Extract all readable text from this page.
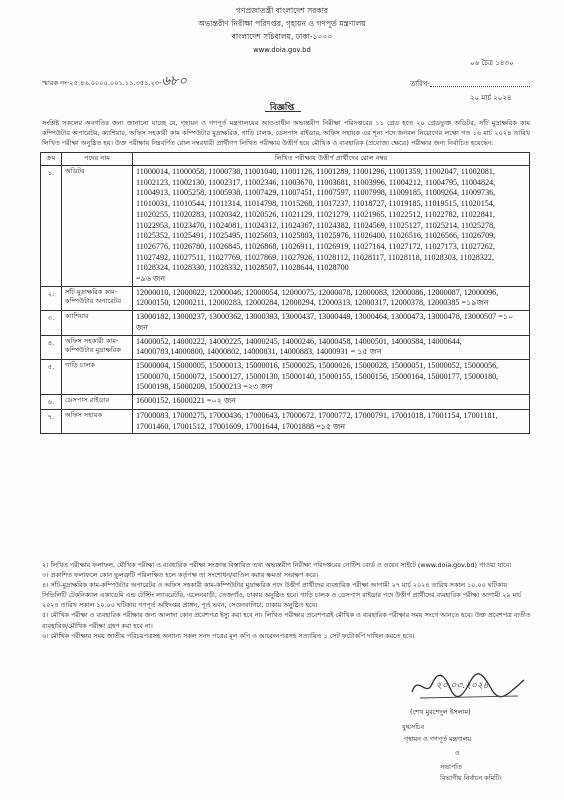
গণপ্রজাতন্ত্রী বাংলাদেশ সরকার
অভ্যন্তরীণ নিরীক্ষা পরিদপ্তর, গৃহায়ন ও গণপূর্ত মন্ত্রণালয়
বাংলাদেশ সচিবালয়, ঢাকা-১০০০
www.doia.gov.bd
০৬ চৈত্র ১৪৩০
স্মারক নং-২৫.৪৬.০০০০.০০১.১১.৩৫১.২৩-৬৮০	তারিখ-
২০ মার্চ ২০২৪
বিজ্ঞপ্তি
সংশ্লিষ্ট সকলের অবগতির জন্য জানানো যাচ্ছে যে, গৃহায়ন ও গণপূর্ত মন্ত্রণালয়ের আওতাধীন অভ্যন্তরীণ নিরীক্ষা পরিদপ্তরের ১১ গ্রেড হতে ২০ গ্রেডভুক্ত অডিটর, সাঁট মুদ্রাক্ষরিক কাম কম্পিউটার অপারেটর, ক্যাশিয়ার, অফিস সহকারী কাম কম্পিউটার মুদ্রাক্ষরিক, গাড়ি চালক, ডেসপাস রাইডার, অফিস সহায়ক এর শূন্য পদে জনবল নিয়োগের লক্ষ্যে গত ১৬ মার্চ ২০২৪ তারিখ লিখিত পরীক্ষা অনুষ্ঠিত হয়। উক্ত পরীক্ষায় নিম্নবর্ণিত রোল নম্বরধারী প্রার্থীগণ লিখিত পরীক্ষায় উত্তীর্ণ হয়ে মৌখিক ও ব্যবহারিক (প্রযোজ্য ক্ষেত্রে) পরীক্ষার জন্য নির্বাচিত হয়েছেন:
ক্রম	পদের নাম	লিখিত পরীক্ষায় উত্তীর্ণ প্রার্থীদের রোল নম্বর
১.	অডিটর	11000014, 11000058, 11000738, 11001040, 11001126, 11001289, 11001296, 11001359, 11002047, 11002081, 11002123, 11002130, 11002317, 11002346, 11003670, 11003681, 11003996, 11004212, 11004795, 11004824, 11004913, 11005258, 11005938, 11007429, 11007451, 11007597, 11007998, 11009185, 11009264, 11009736, 11010031, 11010544, 11011314, 11014798, 11015268, 11017237, 11018727, 11019185, 11019515, 11020154, 11020255, 11020283, 11020342, 11020526, 11021129, 11021279, 11021965, 11022512, 11022782, 11022841, 11022953, 11023470, 11024081, 11024312, 11024367, 11024382, 11024569, 11025127, 11025214, 11025278, 11025352, 11025491, 11025495, 11025603, 11025803, 11025976, 11026400, 11026516, 11026566, 11026709, 11026776, 11026780, 11026845, 11026868, 11026911, 11026919, 11027164, 11027172, 11027173, 11027262, 11027492, 11027511, 11027769, 11027869, 11027926, 11028112, 11028117, 11028118, 11028303, 11028322, 11028324, 11028330, 11028332, 11028507, 11028644, 11028700
=৯৬ জন
২.	সাঁট মুদ্রাক্ষরিক কাম-কম্পিউটার অপারেটর	12000010, 12000022, 12000046, 12000054, 12000075, 12000078, 12000083, 12000086, 12000087, 12000096, 12000150, 12000211, 12000283, 12000284, 12000294, 12000313, 12000317, 12000378, 12000385 =১৯জন
৩.	ক্যাশিয়ার	13000182, 13000237, 13000362, 13000393, 13000437, 13000449, 13000464, 13000473, 13000478, 13000507 =১০ জন
৪.	অফিস সহকারী কাম-কম্পিউটার মুদ্রাক্ষরিক	14000052, 14000222, 14000225, 14000245, 14000246, 14000458, 14000501, 14000584, 14000644, 14000783,14000800, 14000802, 14000831, 14000883, 14000931 = ১৫ জন
৫.	গাড়ি চালক	15000004, 15000005, 15000013, 15000016, 15000025, 15000026, 15000028, 15000051, 15000052, 15000056, 15000070, 15000072, 15000127, 15000130, 15000140, 15000155, 15000156, 15000164, 15000177, 15000180, 15000198, 15000209, 15000213 =২৩ জন
৬.	ডেসপাস রাইডার	16000152, 16000221 =০২ জন
৭.	অফিস সহায়ক	17000083, 17000275, 17000436, 17000643, 17000672, 17000772, 17000791, 17001018, 17001154, 17001181, 17001460, 17001512, 17001609, 17001644, 17001888 =১৫ জন
২। লিখিত পরীক্ষার ফলাফল, মৌখিক পরীক্ষা ও ব্যবহারিক পরীক্ষা সংক্রান্ত বিস্তারিত তথ্য অভ্যন্তরীণ নিরীক্ষা পরিদপ্তরের নোটিশ বোর্ড ও ওয়েব সাইটে (www.doia.gov.bd) পাওয়া যাবে।
৩। প্রকাশিত ফলাফলে কোন ভুলত্রুটি পরিলক্ষিত হলে কর্তৃপক্ষ তা সংশোধন/বাতিল করার ক্ষমতা সংরক্ষণ করে।
৪। সাঁট-মুদ্রাক্ষরিক কাম-কম্পিউটার অপারেটর ও অফিস সহকারী কাম-কম্পিউটার মুদ্রাক্ষরিক পদে উত্তীর্ণ প্রার্থীদের ব্যবহারিক পরীক্ষা আগামী ২৭ মার্চ ২০২৪ তারিখ সকাল ১০.০০ ঘটিকায় সিভিলিটি টেকনিক্যাল একাডেমি এন্ড টেস্টিং ল্যাবরেটরি, এলেনবাড়ী, তেজগাঁও, ঢাকায় অনুষ্ঠিত হবে। গাড়ি চালক ও ডেসপাস রাইডার পদে উত্তীর্ণ প্রার্থীদের ব্যবহারিক পরীক্ষা আগামী ২৯ মার্চ ২০২৪ তারিখ সকাল ১০.০০ ঘটিকায় গণপূর্ত অধিদপ্তর প্রাঙ্গন, পূর্ত ভবন, সেগুনবাগিচা, ঢাকায় অনুষ্ঠিত হবে।
৫। মৌখিক পরীক্ষা ও ব্যবহারিক পরীক্ষার জন্য আলাদা কোন প্রবেশপত্র ইস্যু করা হবে না। লিখিত পরীক্ষার প্রবেশপত্রই মৌখিক ও ব্যবহারিক পরীক্ষার সময় সংগে আনতে হবে। উক্ত প্রবেশপত্র ব্যতীত ব্যবহারিক/মৌখিক পরীক্ষা গ্রহণ করা হবে না।
৬। মৌখিক পরীক্ষার সময় জাতীয় পরিচয়পত্রসহ অন্যান্য সকল সনদ পত্রের মূল কপি ও আবেদনপত্রসহ সত্যায়িত ১ সেট ফটোকপি দাখিল করতে হবে।
২০.০৩.২০২৪
(শেখ মুরশেদুল ইসলাম)
যুগ্মসচিব
গৃহায়ন ও গণপূর্ত মন্ত্রণালয়
ও
সভাপতি
বিভাগীয় নির্বাচন কমিটি।
